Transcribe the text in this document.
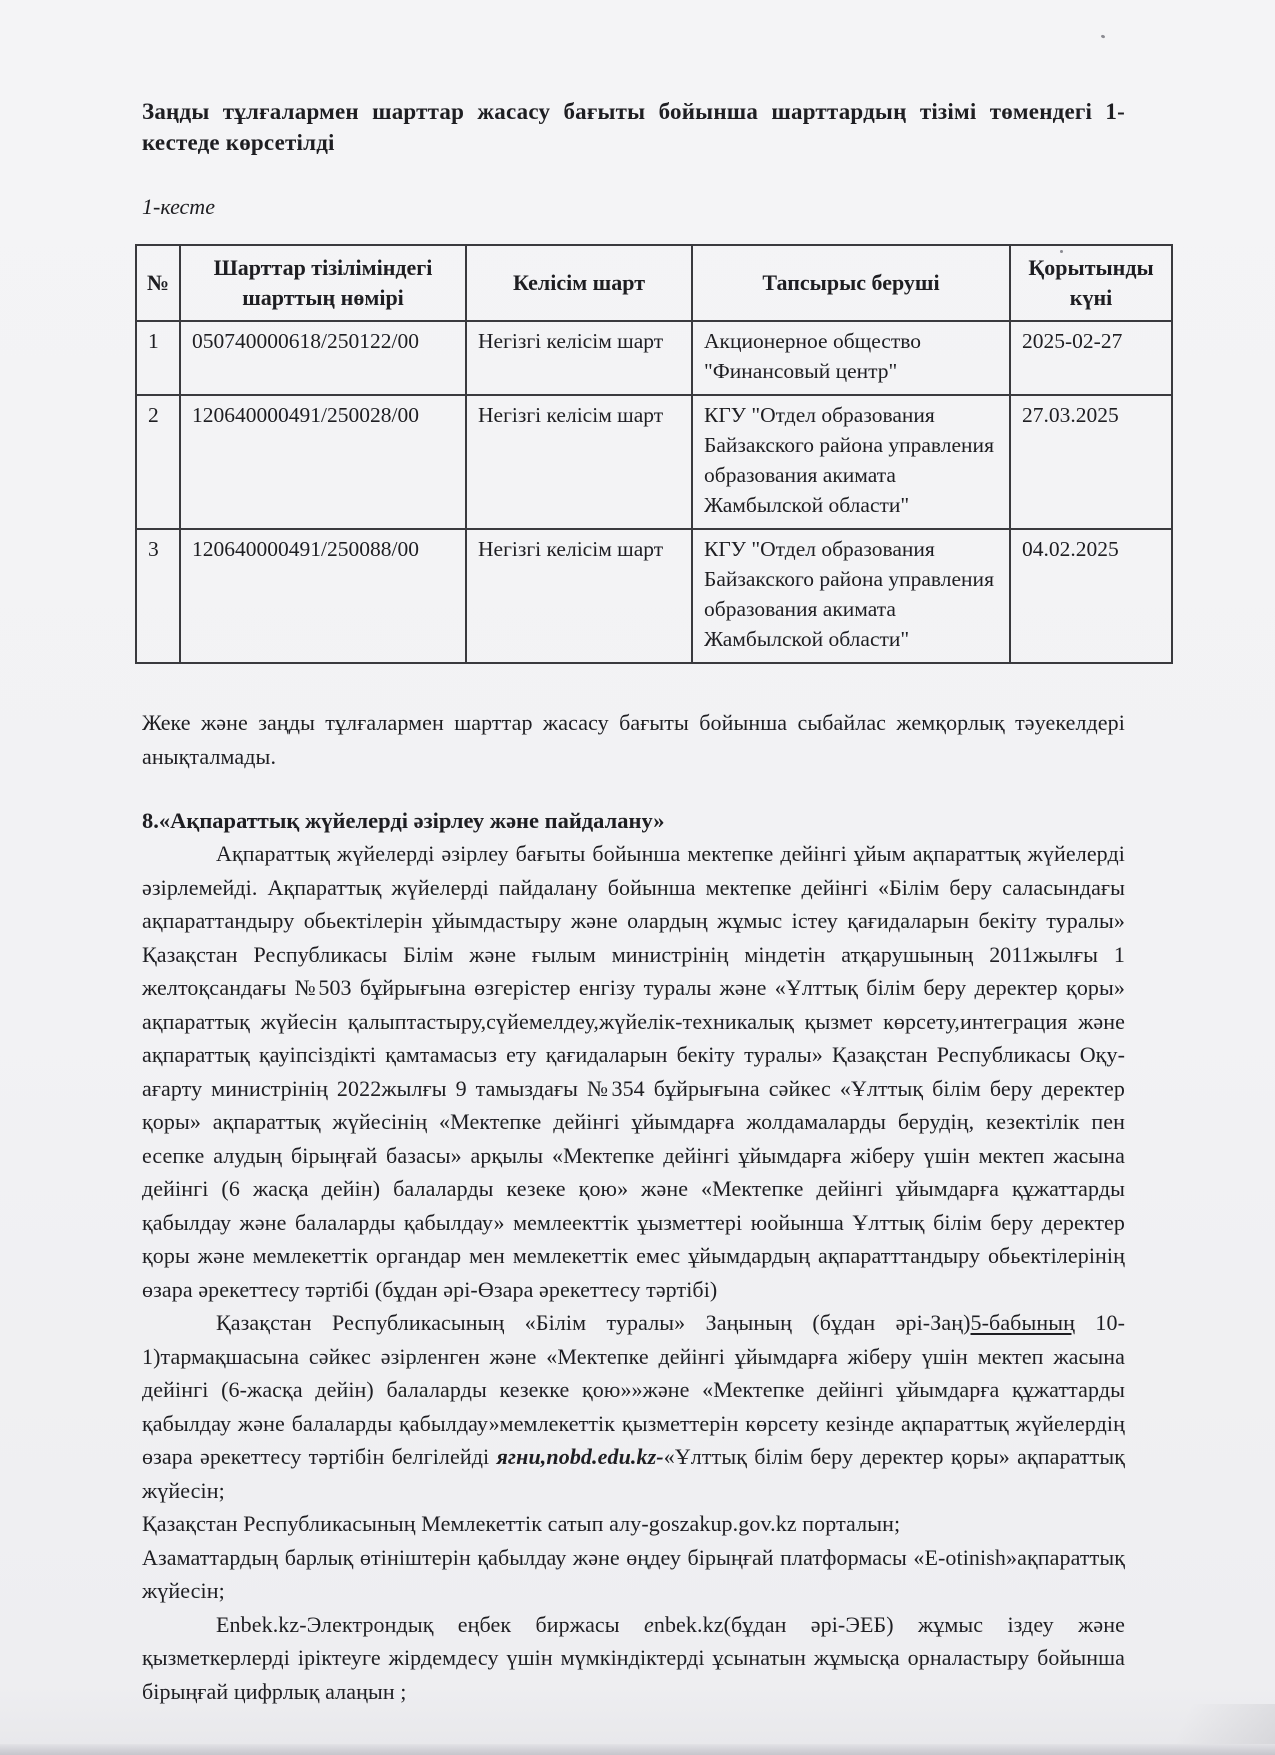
Заңды тұлғалармен шарттар жасасу бағыты бойынша шарттардың тізімі төмендегі 1-кестеде көрсетілді

1-кесте

№	Шарттар тізіліміндегі шарттың нөмірі	Келісім шарт	Тапсырыс беруші	Қорытынды күні
1	050740000618/250122/00	Негізгі келісім шарт	Акционерное общество "Финансовый центр"	2025-02-27
2	120640000491/250028/00	Негізгі келісім шарт	КГУ "Отдел образования Байзакского района управления образования акимата Жамбылской области"	27.03.2025
3	120640000491/250088/00	Негізгі келісім шарт	КГУ "Отдел образования Байзакского района управления образования акимата Жамбылской области"	04.02.2025

Жеке және заңды тұлғалармен шарттар жасасу бағыты бойынша сыбайлас жемқорлық тәуекелдері анықталмады.

8.«Ақпараттық жүйелерді әзірлеу және пайдалану»

Ақпараттық жүйелерді әзірлеу бағыты бойынша мектепке дейінгі ұйым ақпараттық жүйелерді әзірлемейді. Ақпараттық жүйелерді пайдалану бойынша мектепке дейінгі «Білім беру саласындағы ақпараттандыру обьектілерін ұйымдастыру және олардың жұмыс істеу қағидаларын бекіту туралы» Қазақстан Республикасы Білім және ғылым министрінің міндетін атқарушының 2011жылғы 1 желтоқсандағы №503 бұйрығына өзгерістер енгізу туралы және «Ұлттық білім беру деректер қоры» ақпараттық жүйесін қалыптастыру,сүйемелдеу,жүйелік-техникалық қызмет көрсету,интеграция және ақпараттық қауіпсіздікті қамтамасыз ету қағидаларын бекіту туралы» Қазақстан Республикасы Оқу-ағарту министрінің 2022жылғы 9 тамыздағы №354 бұйрығына сәйкес «Ұлттық білім беру деректер қоры» ақпараттық жүйесінің «Мектепке дейінгі ұйымдарға жолдамаларды берудің, кезектілік пен есепке алудың бірыңғай базасы» арқылы «Мектепке дейінгі ұйымдарға жіберу үшін мектеп жасына дейінгі (6 жасқа дейін) балаларды кезеке қою» және «Мектепке дейінгі ұйымдарға құжаттарды қабылдау және балаларды қабылдау» мемлеекттік ұызметтері юойынша Ұлттық білім беру деректер қоры және мемлекеттік органдар мен мемлекеттік емес ұйымдардың ақпаратттандыру обьектілерінің өзара әрекеттесу тәртібі (бұдан әрі-Өзара әрекеттесу тәртібі)

Қазақстан Республикасының «Білім туралы» Заңының (бұдан әрі-Заң)5-бабының 10-1)тармақшасына сәйкес әзірленген және «Мектепке дейінгі ұйымдарға жіберу үшін мектеп жасына дейінгі (6-жасқа дейін) балаларды кезекке қою»»және «Мектепке дейінгі ұйымдарға құжаттарды қабылдау және балаларды қабылдау»мемлекеттік қызметтерін көрсету кезінде ақпараттық жүйелердің өзара әрекеттесу тәртібін белгілейді ягни,nobd.edu.kz-«Ұлттық білім беру деректер қоры» ақпараттық жүйесін;

Қазақстан Республикасының Мемлекеттік сатып алу-goszakup.gov.kz порталын;

Азаматтардың барлық өтініштерін қабылдау және өңдеу бірыңғай платформасы «E-otinish»ақпараттық жүйесін;

Enbek.kz-Электрондық еңбек биржасы enbek.kz(бұдан әрі-ЭЕБ) жұмыс іздеу және қызметкерлерді іріктеуге жірдемдесу үшін мүмкіндіктерді ұсынатын жұмысқа орналастыру бойынша бірыңғай цифрлық алаңын ;
